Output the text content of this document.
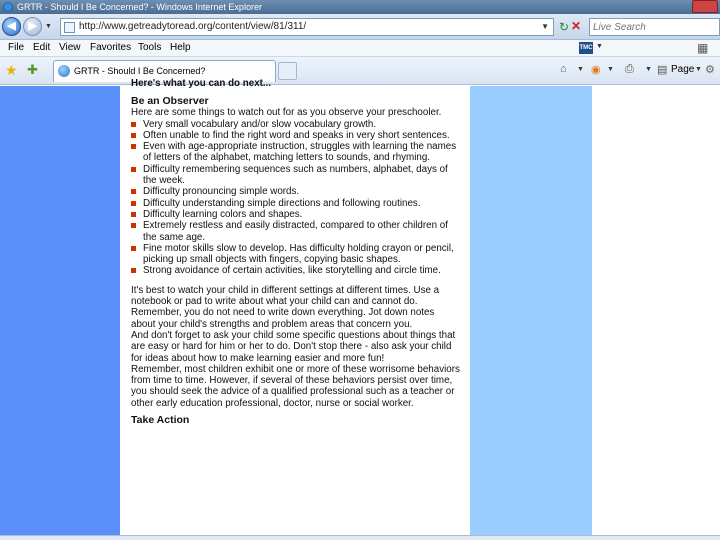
GRTR - Should I Be Concerned? - Windows Internet Explorer
◀	▶	▼	http://www.getreadytoread.org/content/view/81/311/	▼ ↻ ✕
Live Search
File Edit View Favorites Tools Help	TMC ▼	▦
★ ✚	GRTR - Should I Be Concerned?	⌂ ▼ ◉ ▼ ⎙ ▼ ▤ Page ▼ ⚙
Here's what you can do next...
Be an Observer

Here are some things to watch out for as you observe your preschooler.

Very small vocabulary and/or slow vocabulary growth.
Often unable to find the right word and speaks in very short sentences.
Even with age-appropriate instruction, struggles with learning the names of letters of the alphabet, matching letters to sounds, and rhyming.
Difficulty remembering sequences such as numbers, alphabet, days of the week.
Difficulty pronouncing simple words.
Difficulty understanding simple directions and following routines.
Difficulty learning colors and shapes.
Extremely restless and easily distracted, compared to other children of the same age.
Fine motor skills slow to develop. Has difficulty holding crayon or pencil, picking up small objects with fingers, copying basic shapes.
Strong avoidance of certain activities, like storytelling and circle time.

It's best to watch your child in different settings at different times. Use a notebook or pad to write about what your child can and cannot do. Remember, you do not need to write down everything. Jot down notes about your child's strengths and problem areas that concern you.

And don't forget to ask your child some specific questions about things that are easy or hard for him or her to do. Don't stop there - also ask your child for ideas about how to make learning easier and more fun!

Remember, most children exhibit one or more of these worrisome behaviors from time to time. However, if several of these behaviors persist over time, you should seek the advice of a qualified professional such as a teacher or other early education professional, doctor, nurse or social worker.

Take Action
